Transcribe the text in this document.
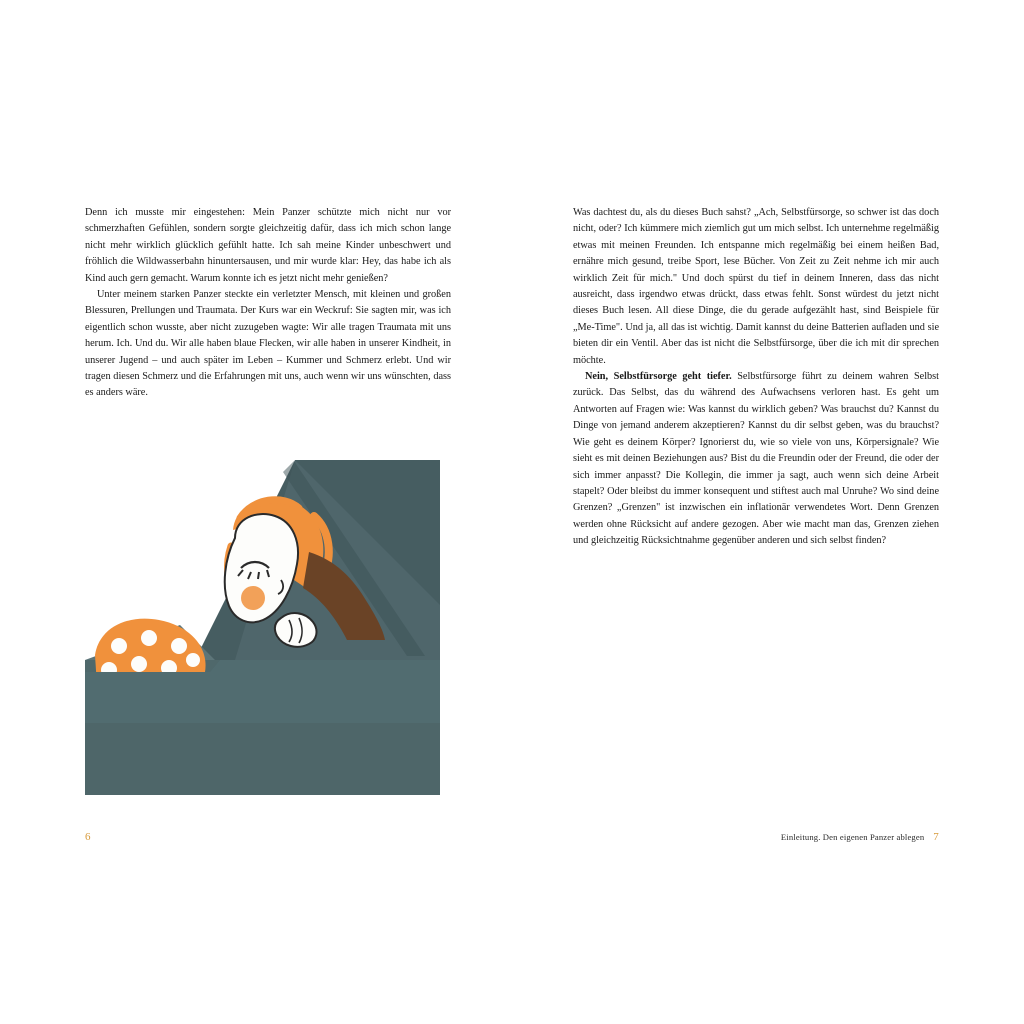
Denn ich musste mir eingestehen: Mein Panzer schützte mich nicht nur vor schmerzhaften Gefühlen, sondern sorgte gleichzeitig dafür, dass ich mich schon lange nicht mehr wirklich glücklich gefühlt hatte. Ich sah meine Kinder unbeschwert und fröhlich die Wildwasserbahn hinuntersausen, und mir wurde klar: Hey, das habe ich als Kind auch gern gemacht. Warum konnte ich es jetzt nicht mehr genießen?

Unter meinem starken Panzer steckte ein verletzter Mensch, mit kleinen und großen Blessuren, Prellungen und Traumata. Der Kurs war ein Weckruf: Sie sagten mir, was ich eigentlich schon wusste, aber nicht zuzugeben wagte: Wir alle tragen Traumata mit uns herum. Ich. Und du. Wir alle haben blaue Flecken, wir alle haben in unserer Kindheit, in unserer Jugend – und auch später im Leben – Kummer und Schmerz erlebt. Und wir tragen diesen Schmerz und die Erfahrungen mit uns, auch wenn wir uns wünschten, dass es anders wäre.

6

Was dachtest du, als du dieses Buch sahst? „Ach, Selbstfürsorge, so schwer ist das doch nicht, oder? Ich kümmere mich ziemlich gut um mich selbst. Ich unternehme regelmäßig etwas mit meinen Freunden. Ich entspanne mich regelmäßig bei einem heißen Bad, ernähre mich gesund, treibe Sport, lese Bücher. Von Zeit zu Zeit nehme ich mir auch wirklich Zeit für mich." Und doch spürst du tief in deinem Inneren, dass das nicht ausreicht, dass irgendwo etwas drückt, dass etwas fehlt. Sonst würdest du jetzt nicht dieses Buch lesen. All diese Dinge, die du gerade aufgezählt hast, sind Beispiele für „Me-Time". Und ja, all das ist wichtig. Damit kannst du deine Batterien aufladen und sie bieten dir ein Ventil. Aber das ist nicht die Selbstfürsorge, über die ich mit dir sprechen möchte.

Nein, Selbstfürsorge geht tiefer. Selbstfürsorge führt zu deinem wahren Selbst zurück. Das Selbst, das du während des Aufwachsens verloren hast. Es geht um Antworten auf Fragen wie: Was kannst du wirklich geben? Was brauchst du? Kannst du Dinge von jemand anderem akzeptieren? Kannst du dir selbst geben, was du brauchst? Wie geht es deinem Körper? Ignorierst du, wie so viele von uns, Körpersignale? Wie sieht es mit deinen Beziehungen aus? Bist du die Freundin oder der Freund, die oder der sich immer anpasst? Die Kollegin, die immer ja sagt, auch wenn sich deine Arbeit stapelt? Oder bleibst du immer konsequent und stiftest auch mal Unruhe? Wo sind deine Grenzen? „Grenzen" ist inzwischen ein inflationär verwendetes Wort. Denn Grenzen werden ohne Rücksicht auf andere gezogen. Aber wie macht man das, Grenzen ziehen und gleichzeitig Rücksichtnahme gegenüber anderen und sich selbst finden?

Einleitung. Den eigenen Panzer ablegen 7
